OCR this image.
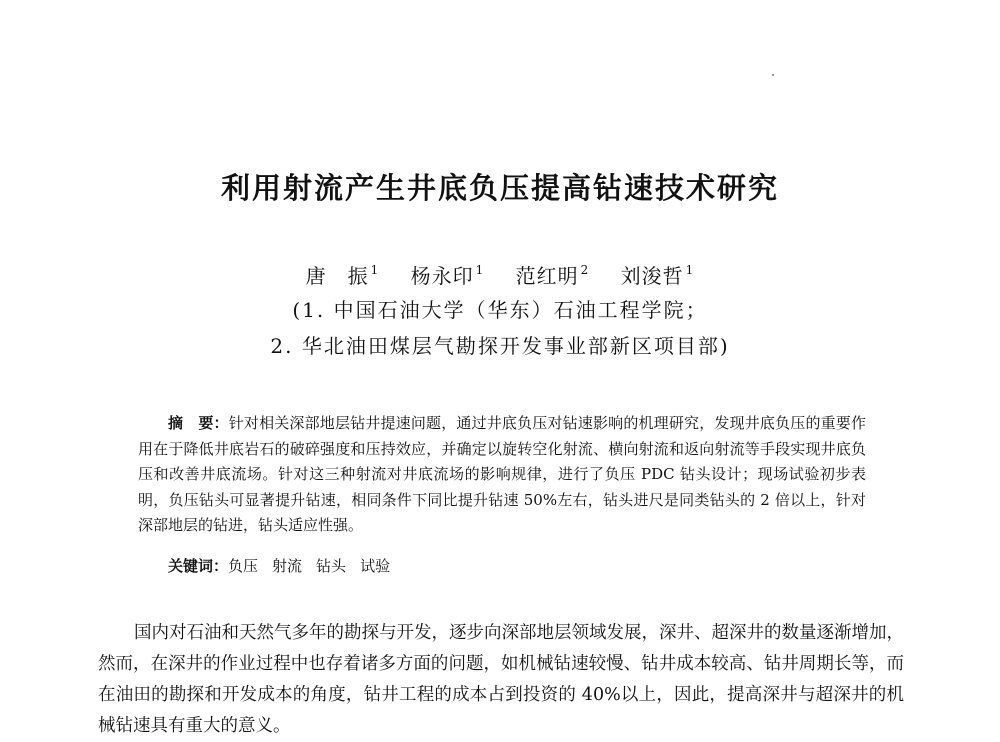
利用射流产生井底负压提高钻速技术研究
唐　振 $^1$ 杨永印 $^1$ 范红明 $^2$ 刘浚哲 $^1$
(1. 中国石油大学（华东）石油工程学院；
2. 华北油田煤层气勘探开发事业部新区项目部)
摘　要：针对相关深部地层钻井提速问题，通过井底负压对钻速影响的机理研究，发现井底负压的重要作用在于降低井底岩石的破碎强度和压持效应，并确定以旋转空化射流、横向射流和返向射流等手段实现井底负压和改善井底流场。针对这三种射流对井底流场的影响规律，进行了负压 PDC 钻头设计；现场试验初步表明，负压钻头可显著提升钻速，相同条件下同比提升钻速 50%左右，钻头进尺是同类钻头的 2 倍以上，针对深部地层的钻进，钻头适应性强。
关键词：负压 射流 钻头 试验
国内对石油和天然气多年的勘探与开发，逐步向深部地层领域发展，深井、超深井的数量逐渐增加，然而，在深井的作业过程中也存着诸多方面的问题，如机械钻速较慢、钻井成本较高、钻井周期长等，而在油田的勘探和开发成本的角度，钻井工程的成本占到投资的 40%以上，因此，提高深井与超深井的机械钻速具有重大的意义。
